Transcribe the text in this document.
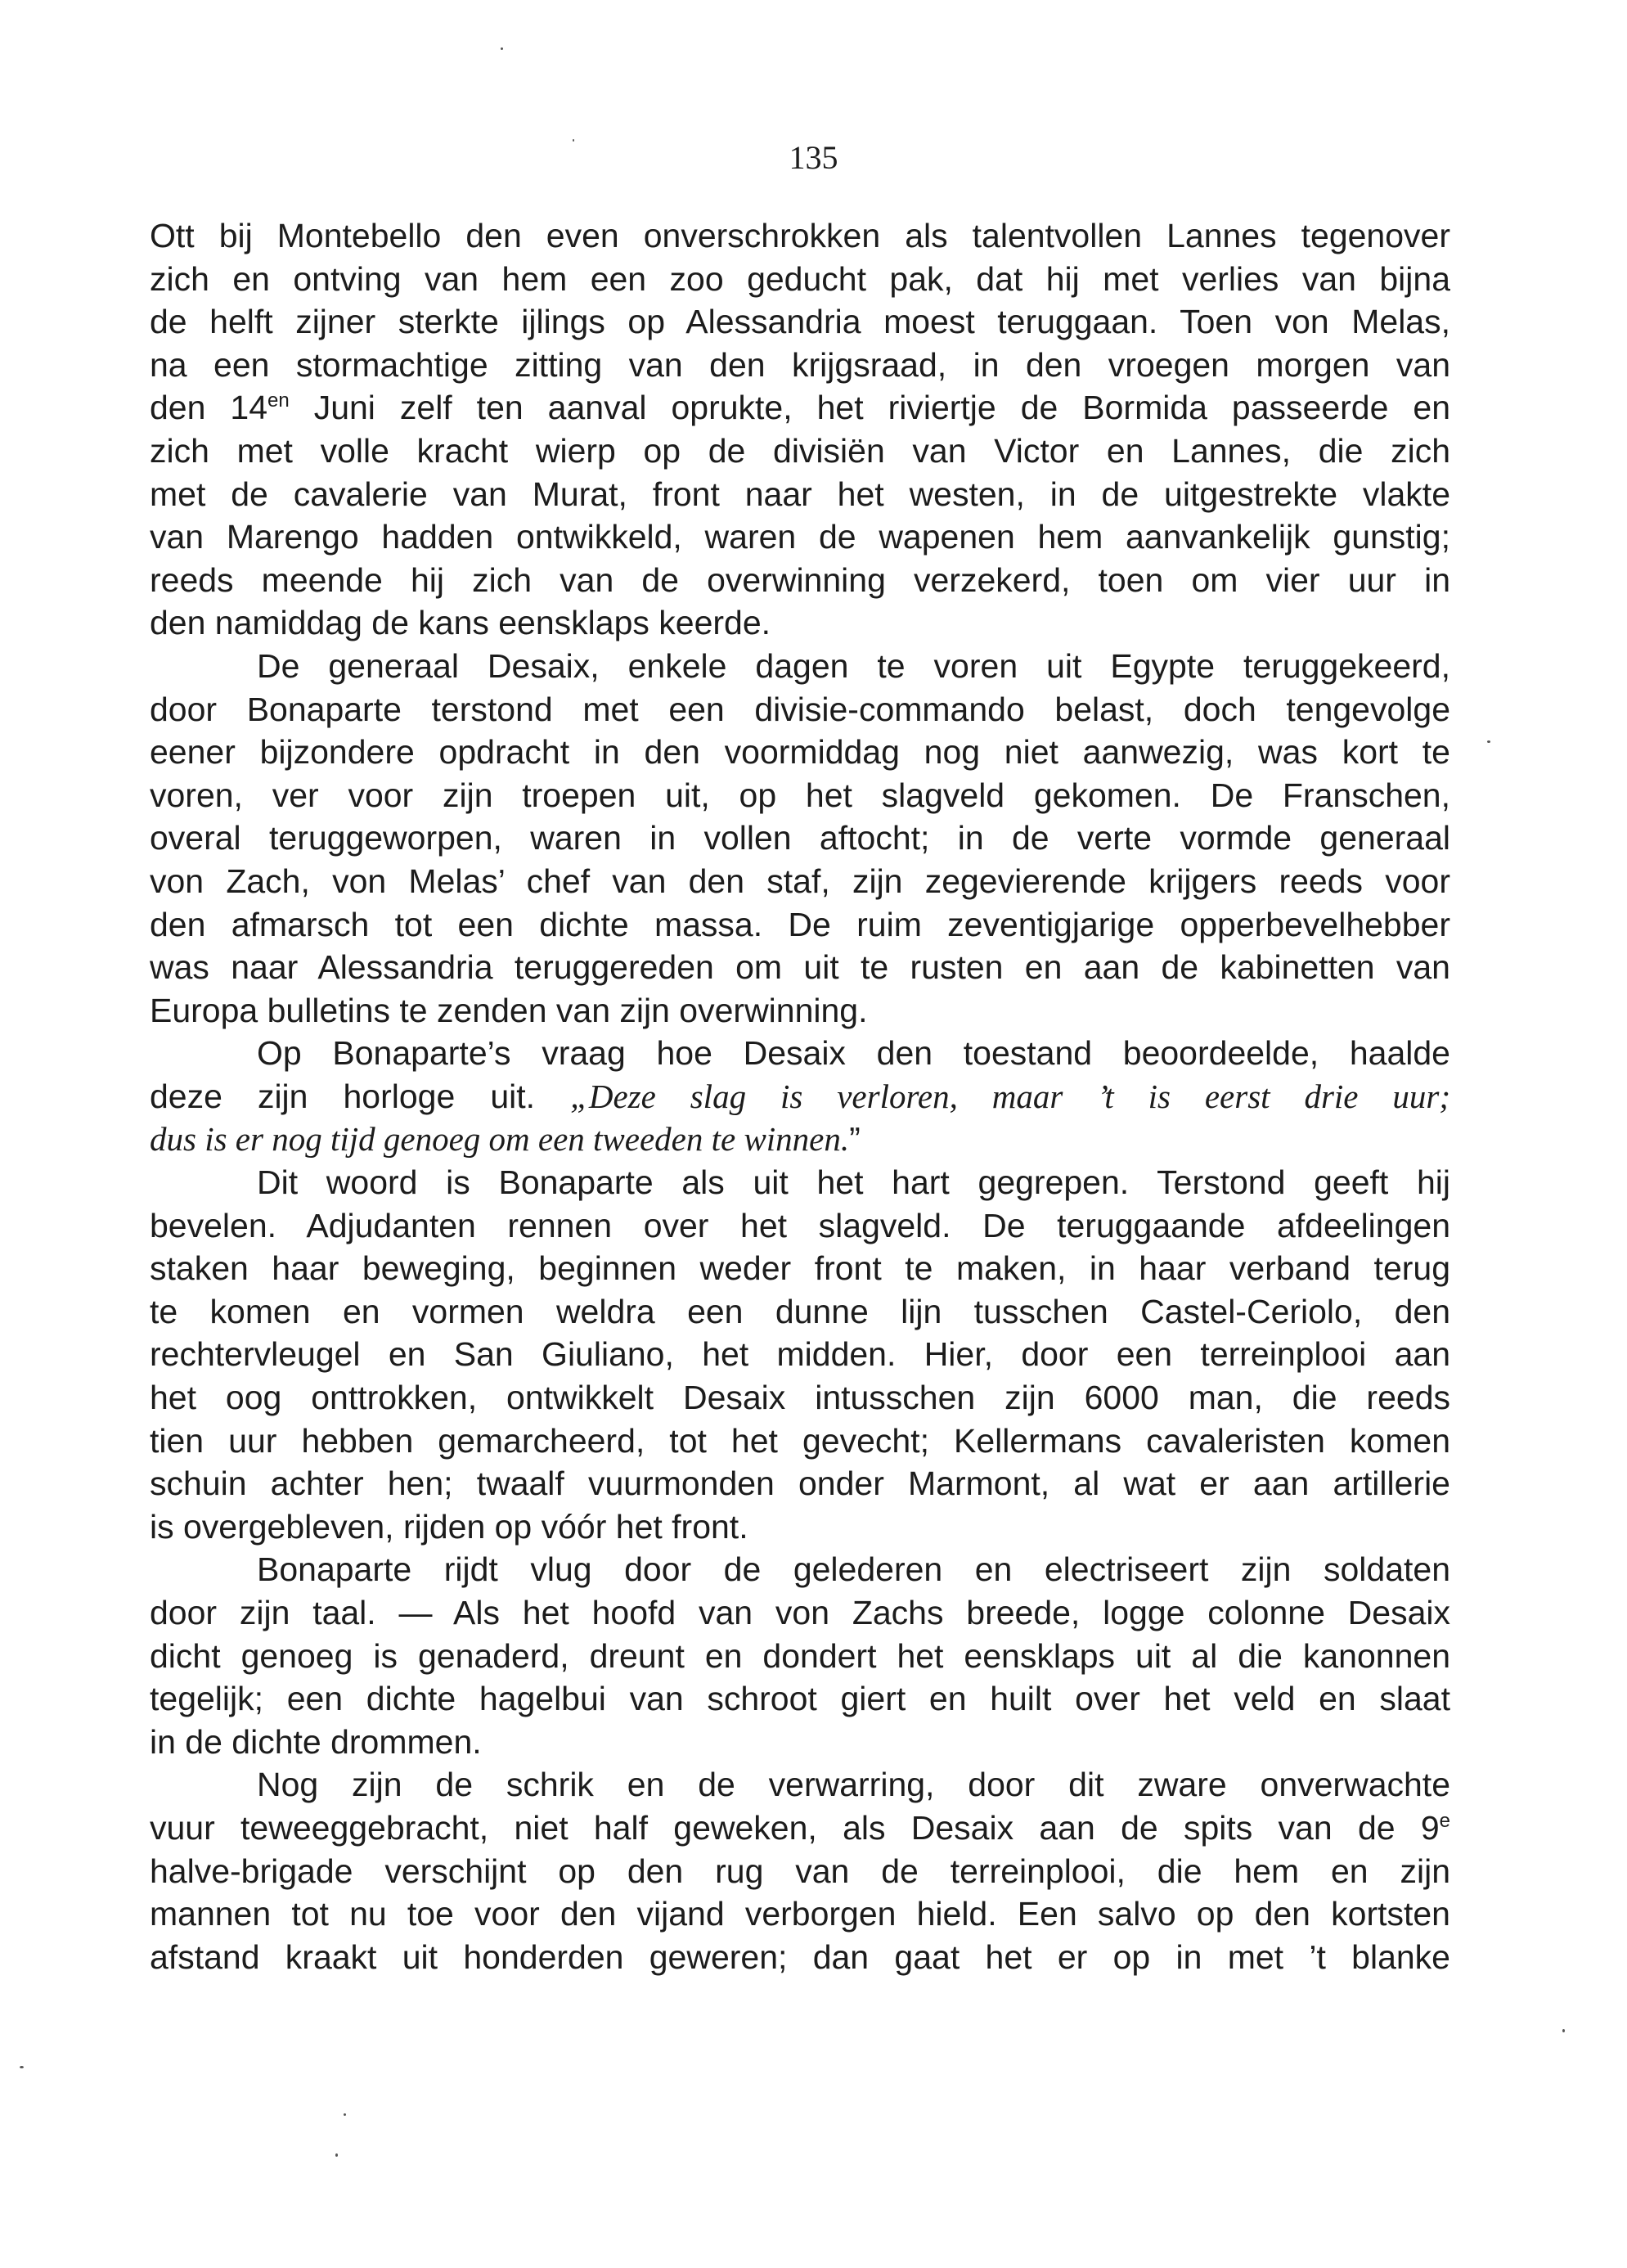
135

Ott bij Montebello den even onverschrokken als talentvollen Lannes tegenover
zich en ontving van hem een zoo geducht pak, dat hij met verlies van bijna
de helft zijner sterkte ijlings op Alessandria moest teruggaan. Toen von Melas,
na een stormachtige zitting van den krijgsraad, in den vroegen morgen van
den $14^{en}$ Juni zelf ten aanval oprukte, het riviertje de Bormida passeerde en
zich met volle kracht wierp op de divisiën van Victor en Lannes, die zich
met de cavalerie van Murat, front naar het westen, in de uitgestrekte vlakte
van Marengo hadden ontwikkeld, waren de wapenen hem aanvankelijk gunstig;
reeds meende hij zich van de overwinning verzekerd, toen om vier uur in
den namiddag de kans eensklaps keerde.
De generaal Desaix, enkele dagen te voren uit Egypte teruggekeerd,
door Bonaparte terstond met een divisie-commando belast, doch tengevolge
eener bijzondere opdracht in den voormiddag nog niet aanwezig, was kort te
voren, ver voor zijn troepen uit, op het slagveld gekomen. De Franschen,
overal teruggeworpen, waren in vollen aftocht; in de verte vormde generaal
von Zach, von Melas’ chef van den staf, zijn zegevierende krijgers reeds voor
den afmarsch tot een dichte massa. De ruim zeventigjarige opperbevelhebber
was naar Alessandria teruggereden om uit te rusten en aan de kabinetten van
Europa bulletins te zenden van zijn overwinning.
Op Bonaparte’s vraag hoe Desaix den toestand beoordeelde, haalde
deze zijn horloge uit. „Deze slag is verloren, maar ’t is eerst drie uur;
dus is er nog tijd genoeg om een tweeden te winnen.”
Dit woord is Bonaparte als uit het hart gegrepen. Terstond geeft hij
bevelen. Adjudanten rennen over het slagveld. De teruggaande afdeelingen
staken haar beweging, beginnen weder front te maken, in haar verband terug
te komen en vormen weldra een dunne lijn tusschen Castel-Ceriolo, den
rechtervleugel en San Giuliano, het midden. Hier, door een terreinplooi aan
het oog onttrokken, ontwikkelt Desaix intusschen zijn 6000 man, die reeds
tien uur hebben gemarcheerd, tot het gevecht; Kellermans cavaleristen komen
schuin achter hen; twaalf vuurmonden onder Marmont, al wat er aan artillerie
is overgebleven, rijden op vóór het front.
Bonaparte rijdt vlug door de gelederen en electriseert zijn soldaten
door zijn taal. — Als het hoofd van von Zachs breede, logge colonne Desaix
dicht genoeg is genaderd, dreunt en dondert het eensklaps uit al die kanonnen
tegelijk; een dichte hagelbui van schroot giert en huilt over het veld en slaat
in de dichte drommen.
Nog zijn de schrik en de verwarring, door dit zware onverwachte
vuur teweeggebracht, niet half geweken, als Desaix aan de spits van de 9e
halve-brigade verschijnt op den rug van de terreinplooi, die hem en zijn
mannen tot nu toe voor den vijand verborgen hield. Een salvo op den kortsten
afstand kraakt uit honderden geweren; dan gaat het er op in met ’t blanke
